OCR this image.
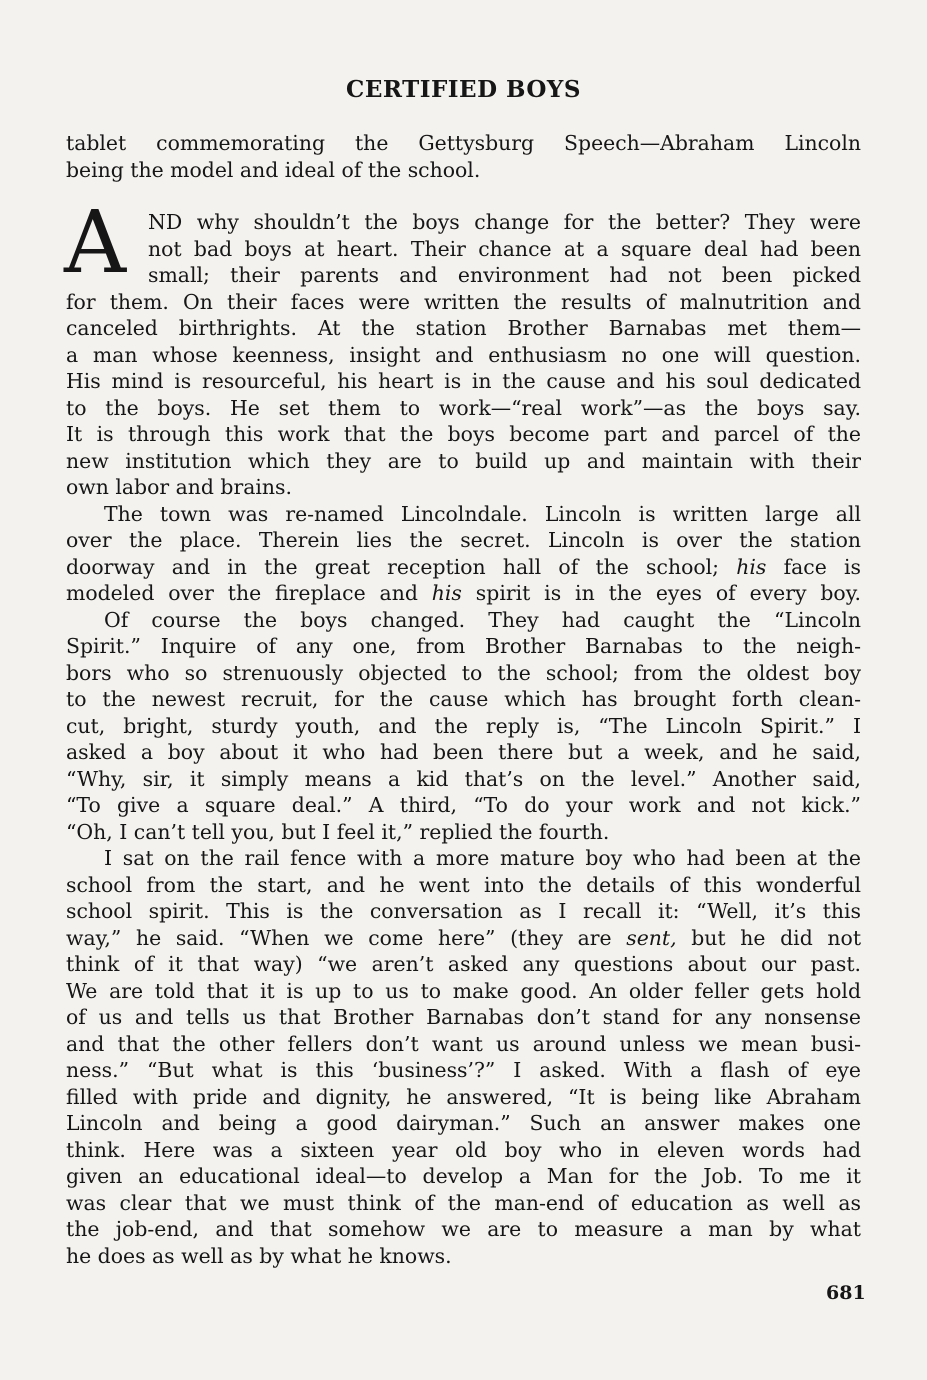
CERTIFIED BOYS
tablet commemorating the Gettysburg Speech—Abraham Lincoln
being the model and ideal of the school.
A	ND why shouldn’t the boys change for the better? They were
not bad boys at heart. Their chance at a square deal had been
small; their parents and environment had not been picked
for them. On their faces were written the results of malnutrition and
canceled birthrights. At the station Brother Barnabas met them—
a man whose keenness, insight and enthusiasm no one will question.
His mind is resourceful, his heart is in the cause and his soul dedicated
to the boys. He set them to work—“real work”—as the boys say.
It is through this work that the boys become part and parcel of the
new institution which they are to build up and maintain with their
own labor and brains.
The town was re-named Lincolndale. Lincoln is written large all
over the place. Therein lies the secret. Lincoln is over the station
doorway and in the great reception hall of the school; his face is
modeled over the fireplace and his spirit is in the eyes of every boy.
Of course the boys changed. They had caught the “Lincoln
Spirit.” Inquire of any one, from Brother Barnabas to the neigh-
bors who so strenuously objected to the school; from the oldest boy
to the newest recruit, for the cause which has brought forth clean-
cut, bright, sturdy youth, and the reply is, “The Lincoln Spirit.” I
asked a boy about it who had been there but a week, and he said,
“Why, sir, it simply means a kid that’s on the level.” Another said,
“To give a square deal.” A third, “To do your work and not kick.”
“Oh, I can’t tell you, but I feel it,” replied the fourth.
I sat on the rail fence with a more mature boy who had been at the
school from the start, and he went into the details of this wonderful
school spirit. This is the conversation as I recall it: “Well, it’s this
way,” he said. “When we come here” (they are sent, but he did not
think of it that way) “we aren’t asked any questions about our past.
We are told that it is up to us to make good. An older feller gets hold
of us and tells us that Brother Barnabas don’t stand for any nonsense
and that the other fellers don’t want us around unless we mean busi-
ness.” “But what is this ‘business’?” I asked. With a flash of eye
filled with pride and dignity, he answered, “It is being like Abraham
Lincoln and being a good dairyman.” Such an answer makes one
think. Here was a sixteen year old boy who in eleven words had
given an educational ideal—to develop a Man for the Job. To me it
was clear that we must think of the man-end of education as well as
the job-end, and that somehow we are to measure a man by what
he does as well as by what he knows.
681
